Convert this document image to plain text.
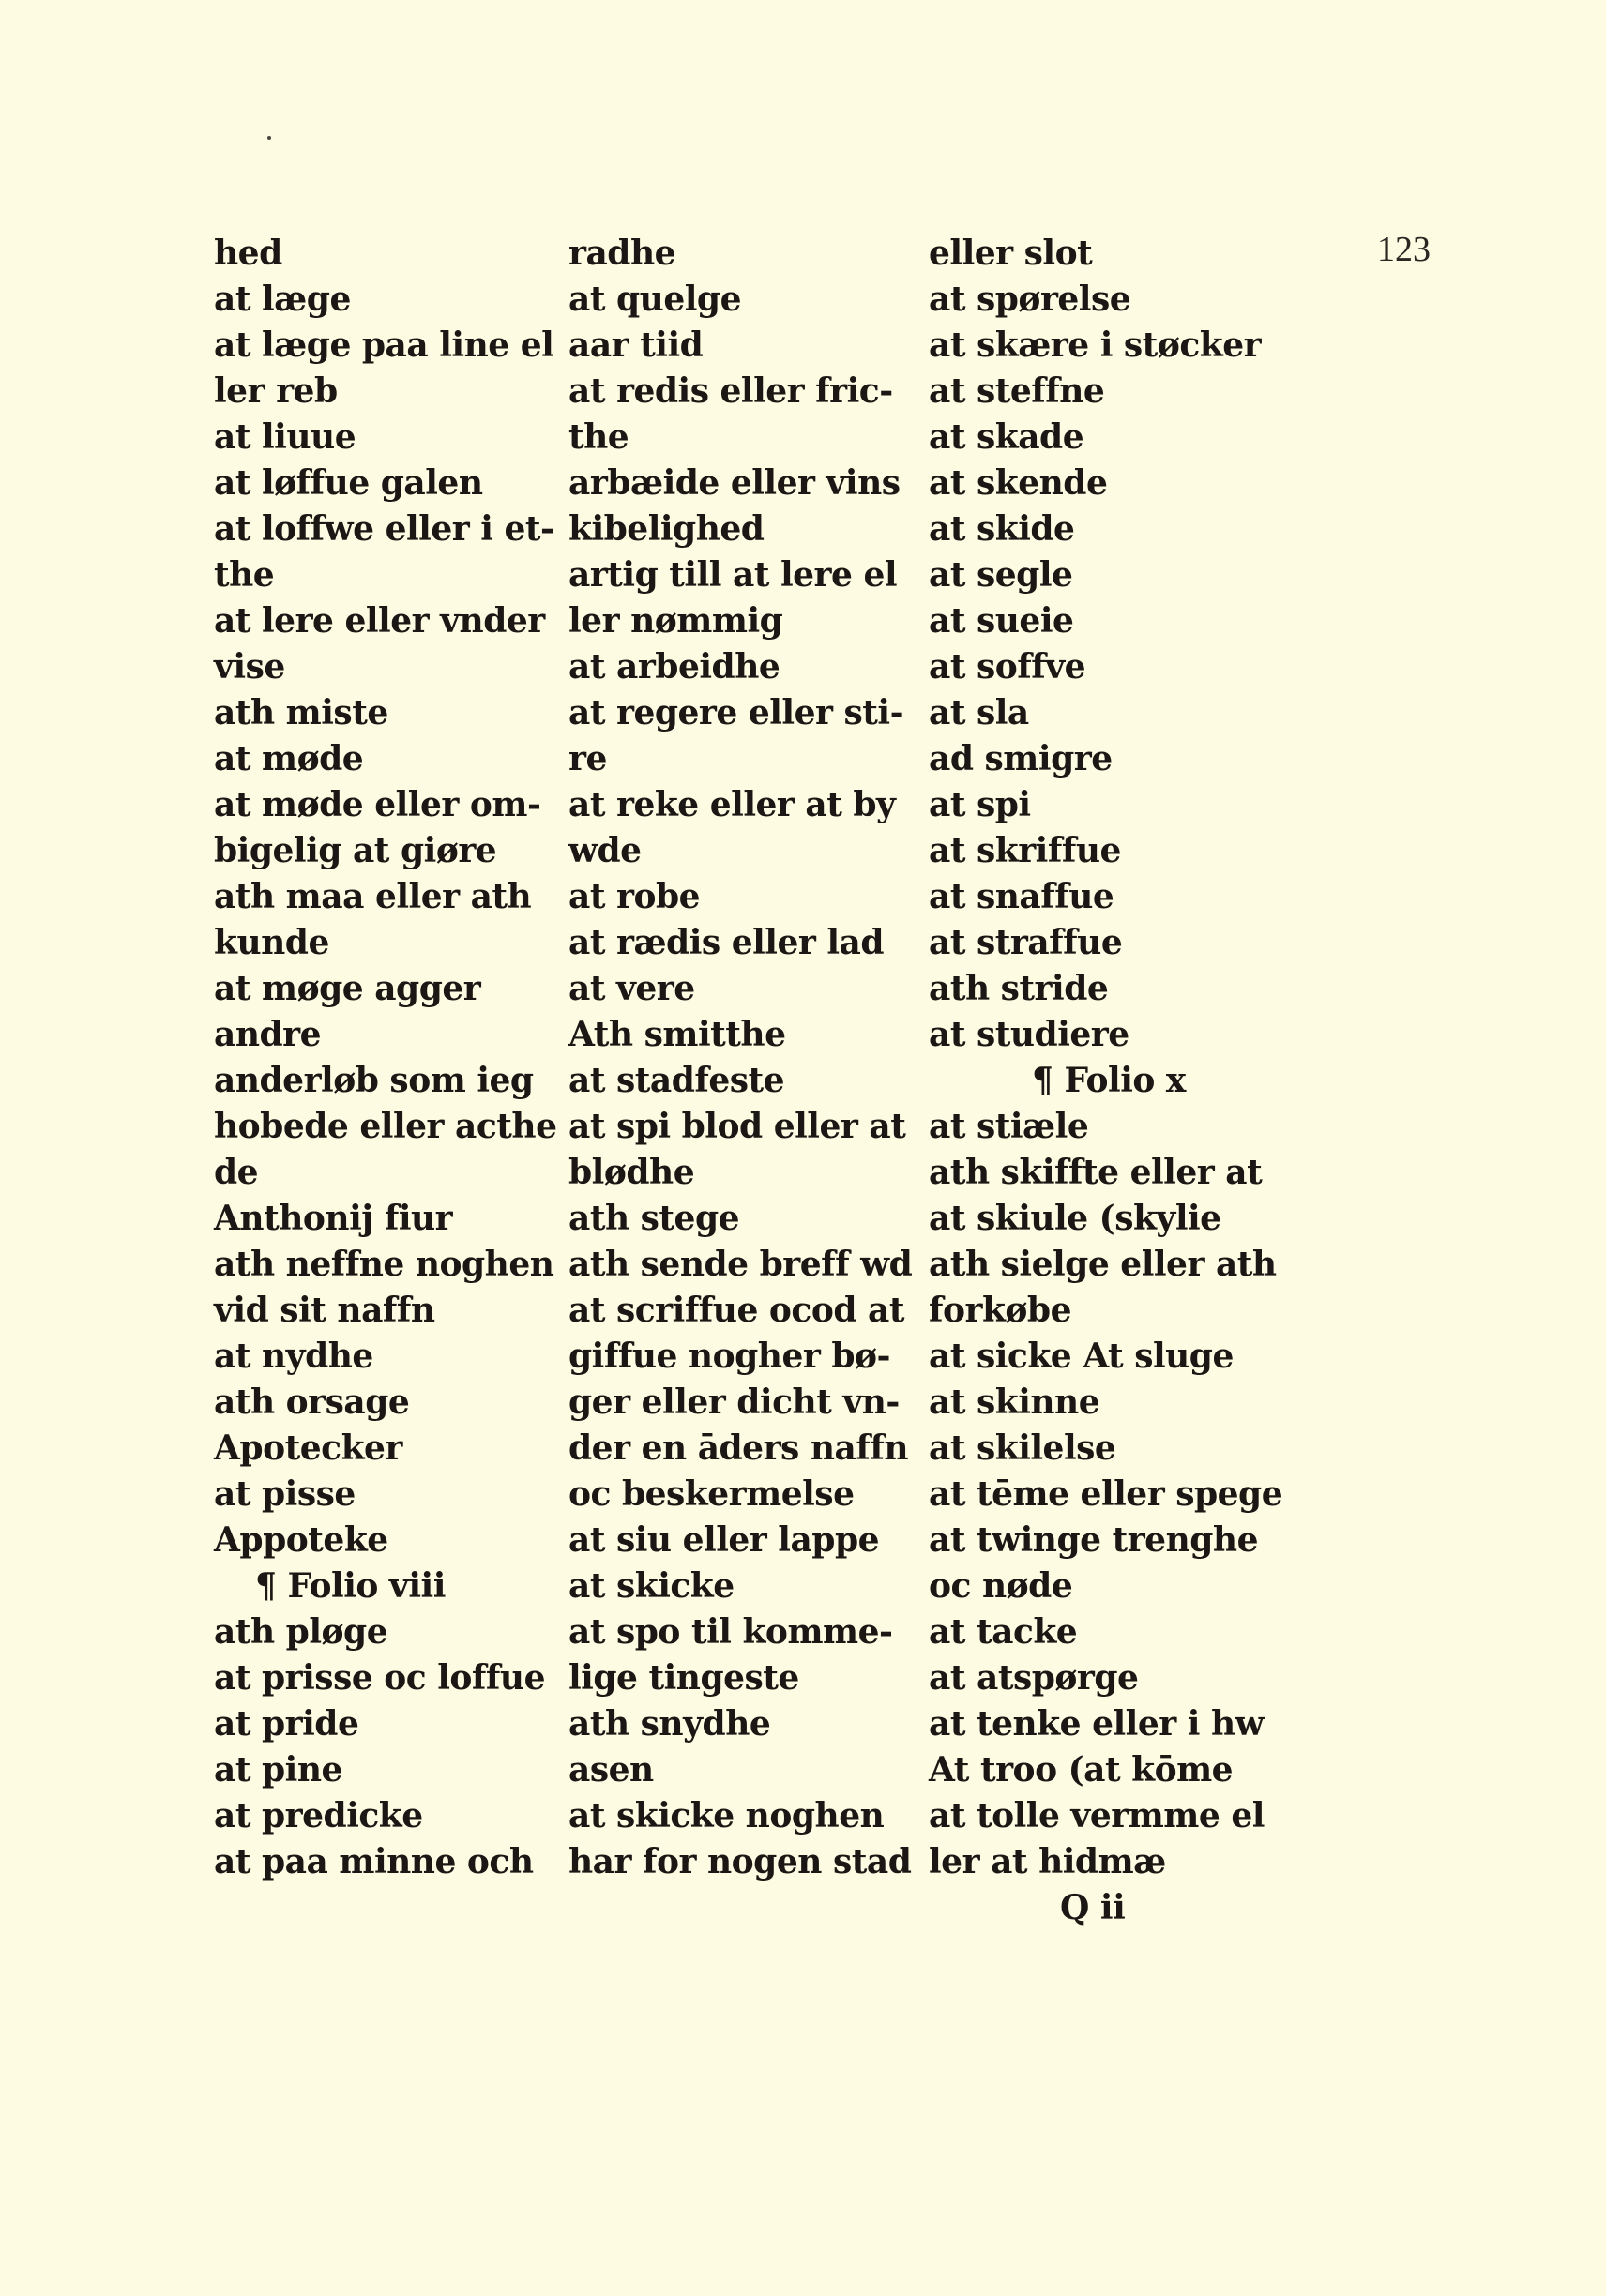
123
hed
at læge
at læge paa line el
ler reb
at liuue
at løffue galen
at loffwe eller i et-
the
at lere eller vnder
vise
ath miste
at møde
at møde eller om-
bigelig at giøre
ath maa eller ath
kunde
at møge agger
andre
anderløb som ieg
hobede eller acthe
de
Anthonij fiur
ath neffne noghen
vid sit naffn
at nydhe
ath orsage
Apotecker
at pisse
Appoteke
¶ Folio viii
ath pløge
at prisse oc loffue
at pride
at pine
at predicke
at paa minne och
radhe
at quelge
aar tiid
at redis eller fric-
the
arbæide eller vins
kibelighed
artig till at lere el
ler nømmig
at arbeidhe
at regere eller sti-
re
at reke eller at by
wde
at robe
at rædis eller lad
at vere
Ath smitthe
at stadfeste
at spi blod eller at
blødhe
ath stege
ath sende breff wd
at scriffue ocod at
giffue nogher bø-
ger eller dicht vn-
der en āders naffn
oc beskermelse
at siu eller lappe
at skicke
at spo til komme-
lige tingeste
ath snydhe
asen
at skicke noghen
har for nogen stad
eller slot
at spørelse
at skære i støcker
at steffne
at skade
at skende
at skide
at segle
at sueie
at soffve
at sla
ad smigre
at spi
at skriffue
at snaffue
at straffue
ath stride
at studiere
¶ Folio x
at stiæle
ath skiffte eller at
at skiule (skylie
ath sielge eller ath
forkøbe
at sicke At sluge
at skinne
at skilelse
at tēme eller spege
at twinge trenghe
oc nøde
at tacke
at atspørge
at tenke eller i hw
At troo (at kōme
at tolle vermme el
ler at hidmæ
Q ii
